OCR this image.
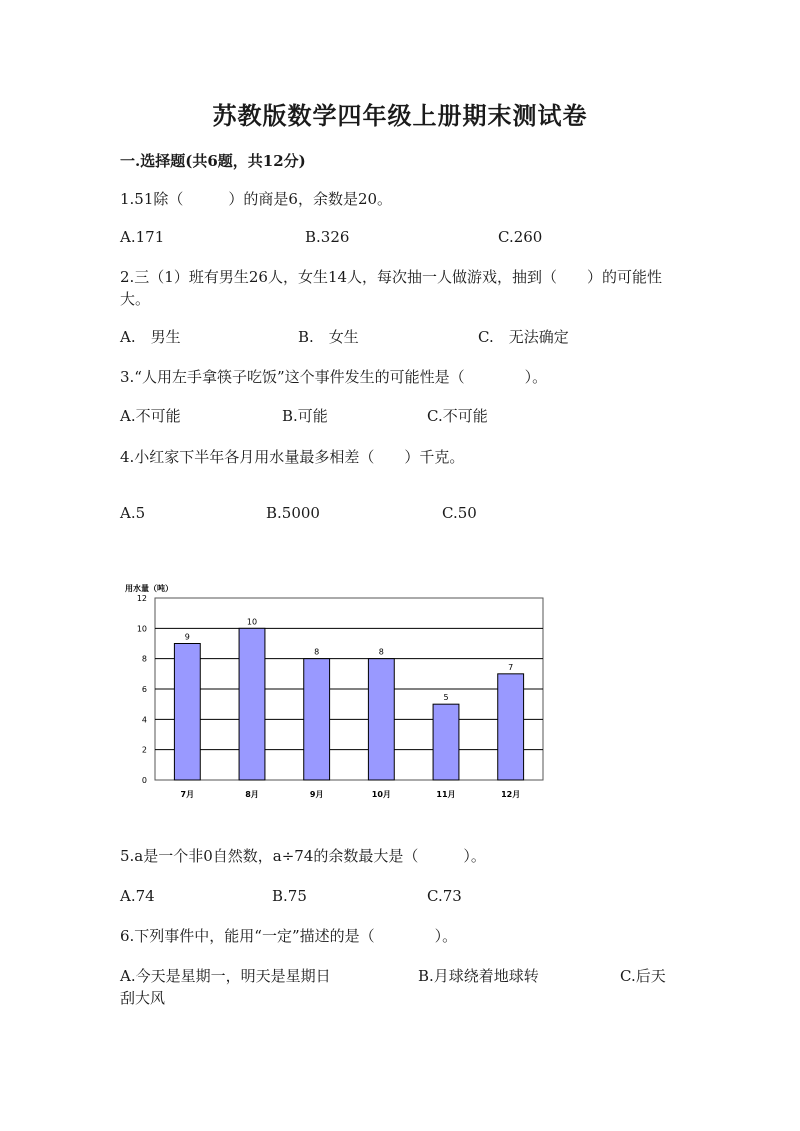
苏教版数学四年级上册期末测试卷
一.选择题(共6题，共12分)
1.51除（　　　）的商是6，余数是20。
A.171	B.326	C.260
2.三（1）班有男生26人，女生14人，每次抽一人做游戏，抽到（　　）的可能性大。
A.　男生	B.　女生	C.　无法确定
3.“人用左手拿筷子吃饭”这个事件发生的可能性是（　　　　）。
A.不可能	B.可能	C.不可能
4.小红家下半年各月用水量最多相差（　　）千克。
A.5	B.5000	C.50
0
2
4
6
8
10
12
用水量（吨）
9
7月
10
8月
8
9月
8
10月
5
11月
7
12月
5.a是一个非0自然数，a÷74的余数最大是（　　　）。
A.74	B.75	C.73
6.下列事件中，能用“一定”描述的是（　　　　）。
A.今天是星期一，明天是星期日	B.月球绕着地球转	C.后天
刮大风
